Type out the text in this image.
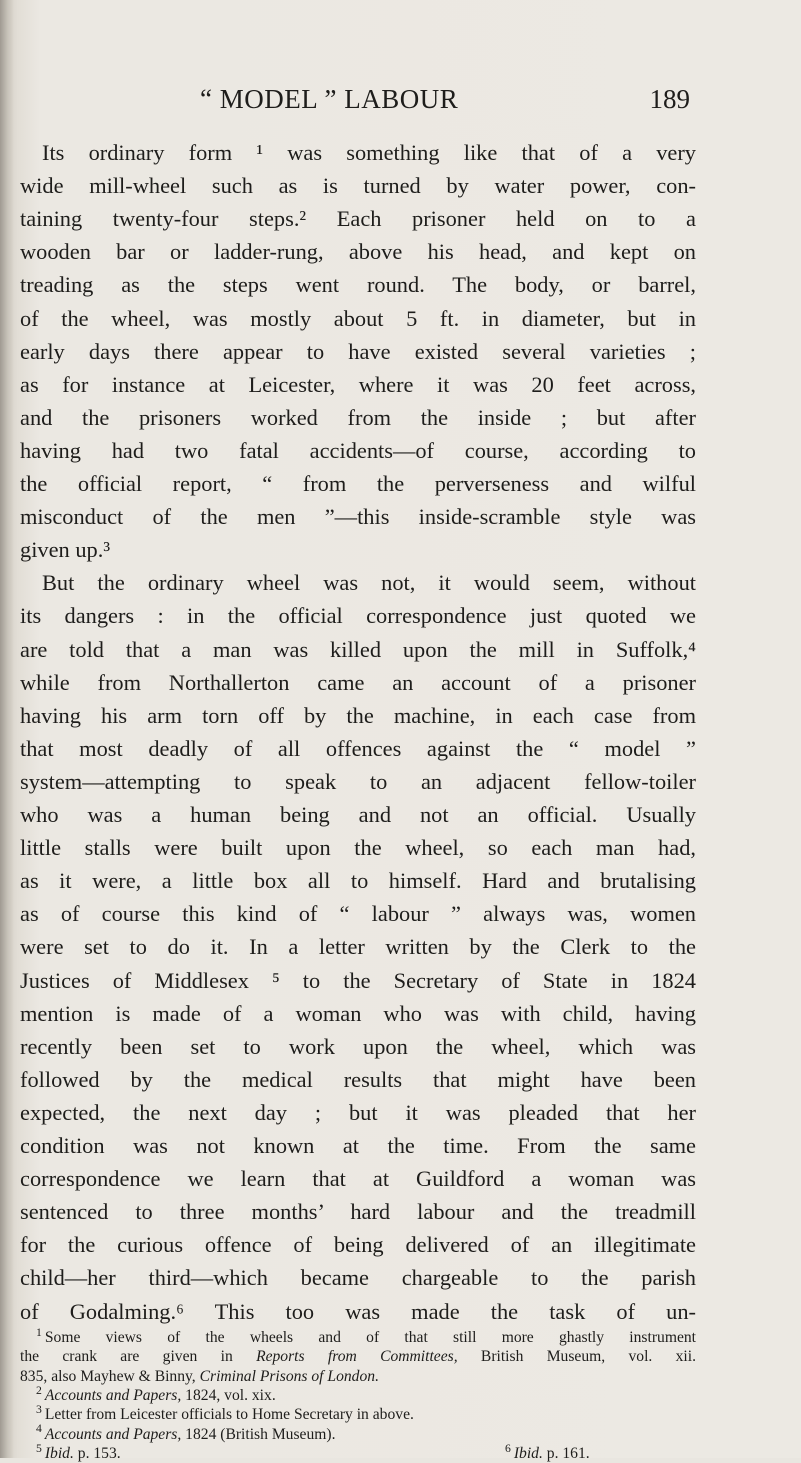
“ MODEL ” LABOUR	189
Its ordinary form ¹ was something like that of a very
wide mill-wheel such as is turned by water power, con-
taining twenty-four steps.² Each prisoner held on to a
wooden bar or ladder-rung, above his head, and kept on
treading as the steps went round. The body, or barrel,
of the wheel, was mostly about 5 ft. in diameter, but in
early days there appear to have existed several varieties ;
as for instance at Leicester, where it was 20 feet across,
and the prisoners worked from the inside ; but after
having had two fatal accidents—of course, according to
the official report, “ from the perverseness and wilful
misconduct of the men ”—this inside-scramble style was
given up.³
But the ordinary wheel was not, it would seem, without
its dangers : in the official correspondence just quoted we
are told that a man was killed upon the mill in Suffolk,⁴
while from Northallerton came an account of a prisoner
having his arm torn off by the machine, in each case from
that most deadly of all offences against the “ model ”
system—attempting to speak to an adjacent fellow-toiler
who was a human being and not an official. Usually
little stalls were built upon the wheel, so each man had,
as it were, a little box all to himself. Hard and brutalising
as of course this kind of “ labour ” always was, women
were set to do it. In a letter written by the Clerk to the
Justices of Middlesex ⁵ to the Secretary of State in 1824
mention is made of a woman who was with child, having
recently been set to work upon the wheel, which was
followed by the medical results that might have been
expected, the next day ; but it was pleaded that her
condition was not known at the time. From the same
correspondence we learn that at Guildford a woman was
sentenced to three months’ hard labour and the treadmill
for the curious offence of being delivered of an illegitimate
child—her third—which became chargeable to the parish
of Godalming.⁶ This too was made the task of un-
$^1$ Some views of the wheels and of that still more ghastly instrument
the crank are given in Reports from Committees, British Museum, vol. xii.
835, also Mayhew & Binny, Criminal Prisons of London.
$^2$ Accounts and Papers, 1824, vol. xix.
$^3$ Letter from Leicester officials to Home Secretary in above.
$^4$ Accounts and Papers, 1824 (British Museum).
$^5$ Ibid. p. 153.	$^6$ Ibid. p. 161.
